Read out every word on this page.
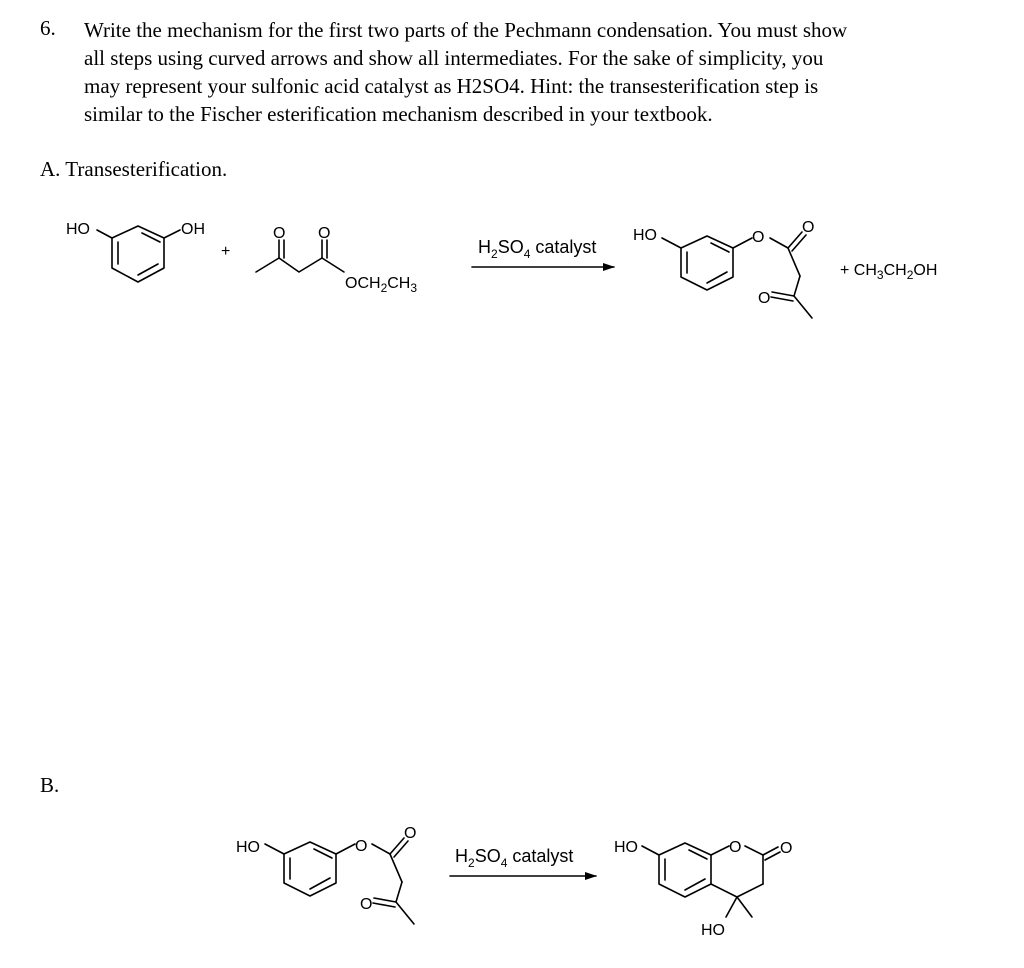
6. Write the mechanism for the first two parts of the Pechmann condensation. You must show
all steps using curved arrows and show all intermediates. For the sake of simplicity, you
may represent your sulfonic acid catalyst as H2SO4. Hint: the transesterification step is
similar to the Fischer esterification mechanism described in your textbook.
A. Transesterification.
B.
HO	OH
+
O O
$OCH_2CH_3$
$H_2SO_4$ catalyst
HO	O
O
O
+ $CH_3CH_2OH$
HO	O
O
O
$H_2SO_4$ catalyst	HO	O O
HO
